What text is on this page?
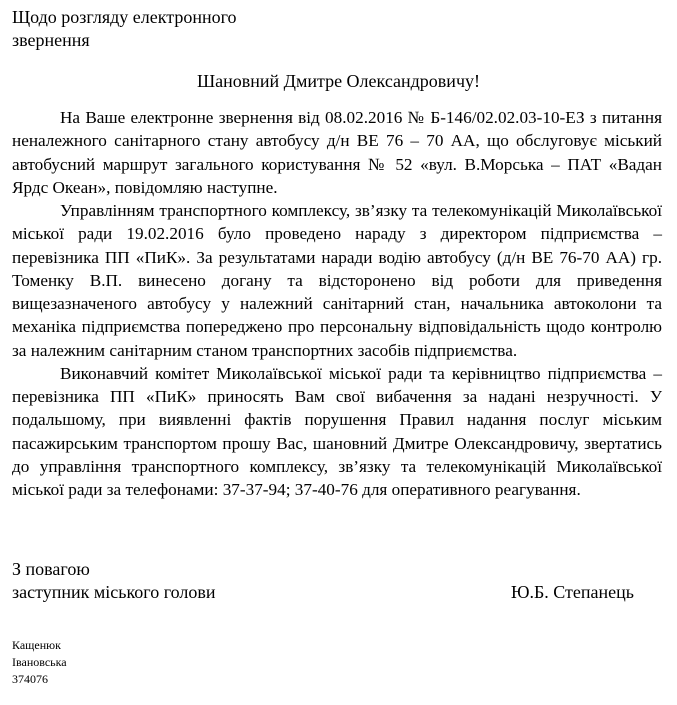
Щодо розгляду електронного
звернення
Шановний Дмитре Олександровичу!

На Ваше електронне звернення від 08.02.2016 № Б-146/02.02.03-10-ЕЗ з питання неналежного санітарного стану автобусу д/н ВЕ 76 – 70 АА, що обслуговує міський автобусний маршрут загального користування № 52 «вул. В.Морська – ПАТ «Вадан Ярдс Океан», повідомляю наступне.

Управлінням транспортного комплексу, зв’язку та телекомунікацій Миколаївської міської ради 19.02.2016 було проведено нараду з директором підприємства – перевізника ПП «ПиК». За результатами наради водію автобусу (д/н ВЕ 76-70 АА) гр. Томенку В.П. винесено догану та відсторонено від роботи для приведення вищезазначеного автобусу у належний санітарний стан, начальника автоколони та механіка підприємства попереджено про персональну відповідальність щодо контролю за належним санітарним станом транспортних засобів підприємства.

Виконавчий комітет Миколаївської міської ради та керівництво підприємства – перевізника ПП «ПиК» приносять Вам свої вибачення за надані незручності. У подальшому, при виявленні фактів порушення Правил надання послуг міським пасажирським транспортом прошу Вас, шановний Дмитре Олександровичу, звертатись до управління транспортного комплексу, зв’язку та телекомунікацій Миколаївської міської ради за телефонами: 37-37-94; 37-40-76 для оперативного реагування.

З повагою
заступник міського голови	Ю.Б. Степанець
Кащенюк
Івановська
374076
